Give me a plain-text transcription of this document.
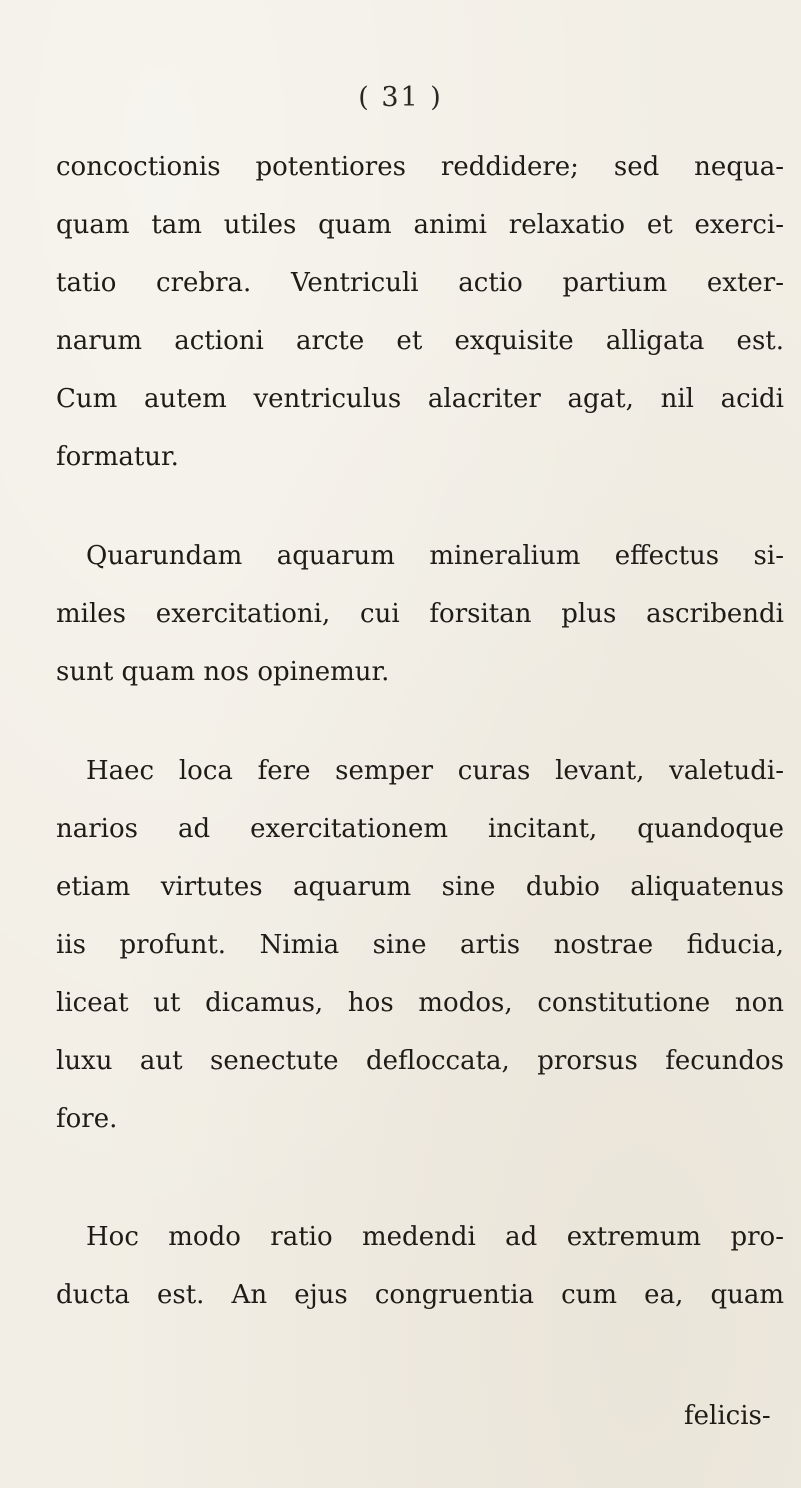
( 31 )
concoctionis potentiores reddidere; sed nequa-
quam tam utiles quam animi relaxatio et exerci-
tatio crebra. Ventriculi actio partium exter-
narum actioni arcte et exquisite alligata est.
Cum autem ventriculus alacriter agat, nil acidi
formatur.
Quarundam aquarum mineralium effectus si-
miles exercitationi, cui forsitan plus ascribendi
sunt quam nos opinemur.
Haec loca fere semper curas levant, valetudi-
narios ad exercitationem incitant, quandoque
etiam virtutes aquarum sine dubio aliquatenus
iis profunt. Nimia sine artis nostrae fiducia,
liceat ut dicamus, hos modos, constitutione non
luxu aut senectute defloccata, prorsus fecundos
fore.
Hoc modo ratio medendi ad extremum pro-
ducta est. An ejus congruentia cum ea, quam
felicis-
